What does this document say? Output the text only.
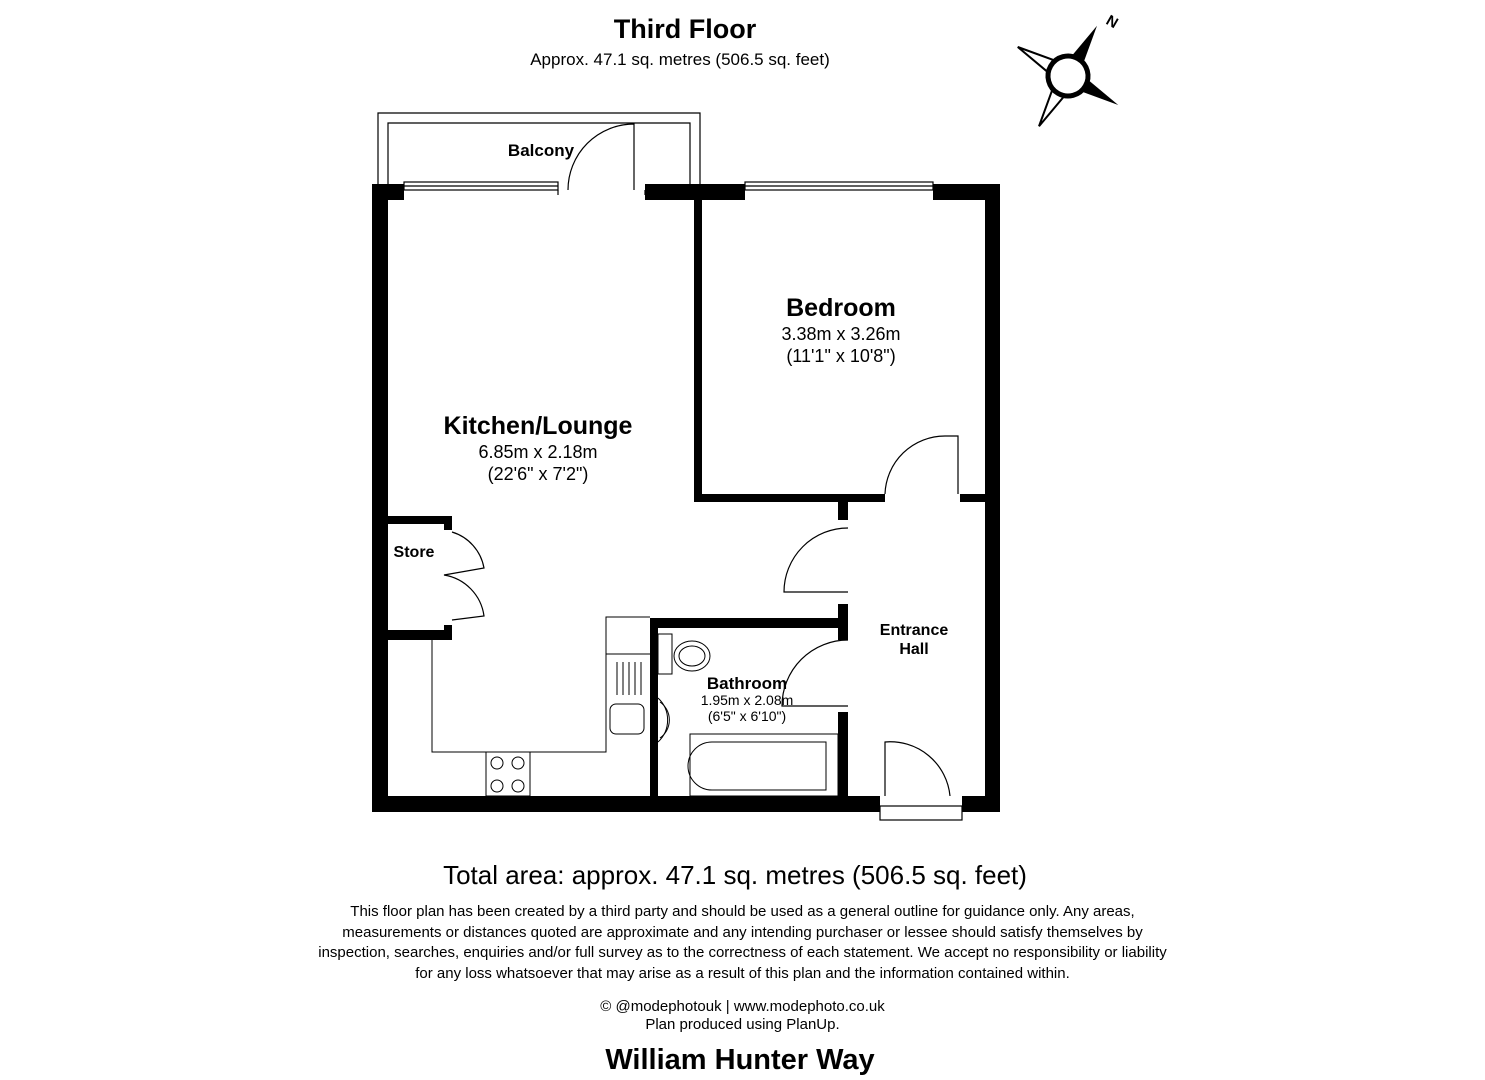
Third Floor
Approx. 47.1 sq. metres (506.5 sq. feet)
N
Balcony
Bedroom
3.38m x 3.26m
(11'1" x 10'8")
Kitchen/Lounge
6.85m x 2.18m
(22'6" x 7'2")
Store
Bathroom
1.95m x 2.08m
(6'5" x 6'10")
Entrance
Hall
Total area: approx. 47.1 sq. metres (506.5 sq. feet)
This floor plan has been created by a third party and should be used as a general outline for guidance only. Any areas,
measurements or distances quoted are approximate and any intending purchaser or lessee should satisfy themselves by
inspection, searches, enquiries and/or full survey as to the correctness of each statement. We accept no responsibility or liability
for any loss whatsoever that may arise as a result of this plan and the information contained within.
© @modephotouk | www.modephoto.co.uk
Plan produced using PlanUp.
William Hunter Way
